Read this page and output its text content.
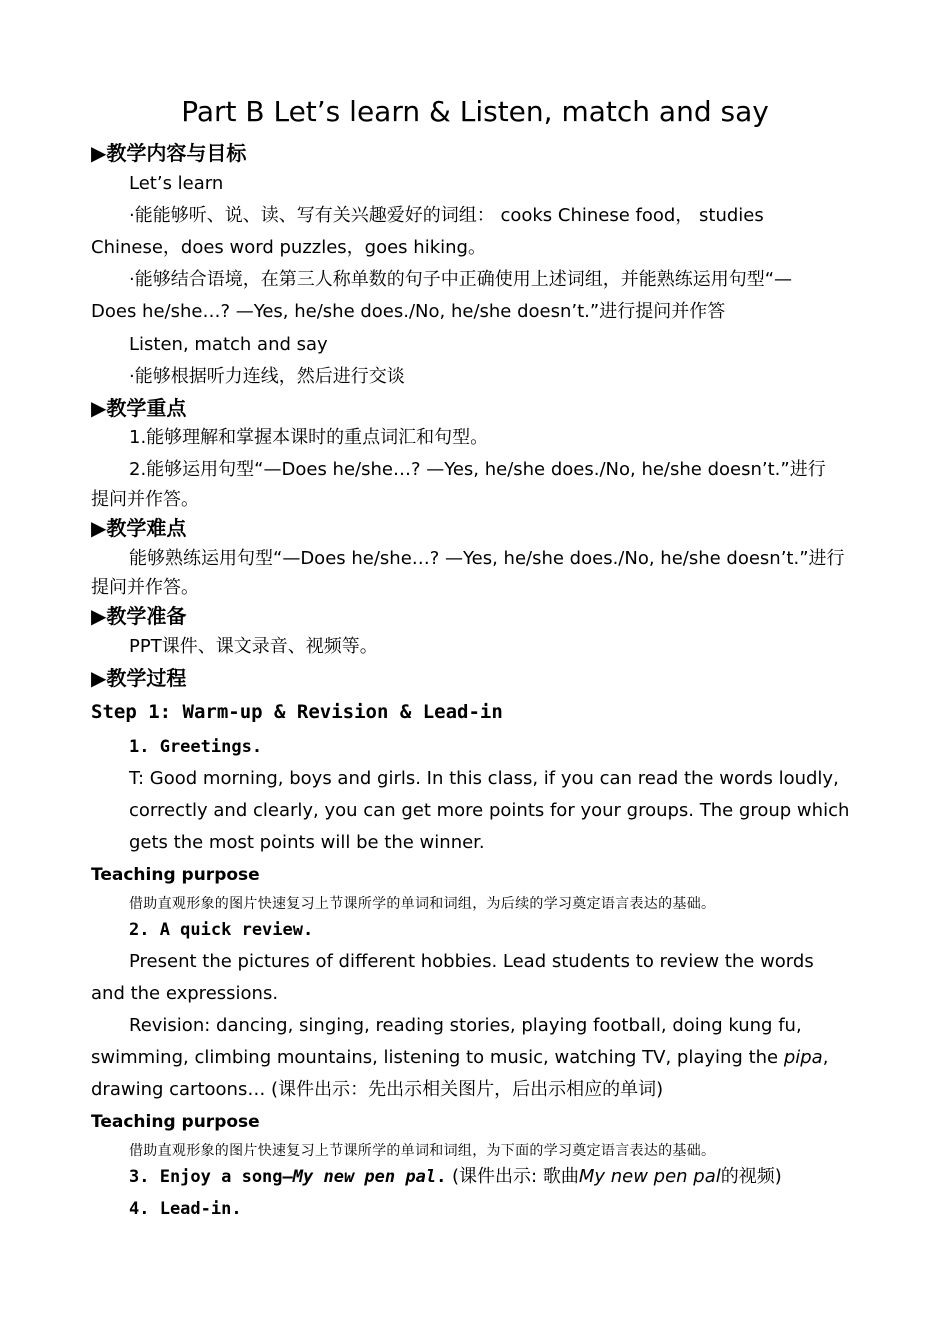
Part B Let’s learn & Listen, match and say
▶教学内容与目标
Let’s learn
·能能够听、说、读、写有关兴趣爱好的词组： cooks Chinese food， studies
Chinese，does word puzzles，goes hiking。
·能够结合语境，在第三人称单数的句子中正确使用上述词组，并能熟练运用句型“—
Does he/she…? —Yes, he/she does./No, he/she doesn’t.”进行提问并作答
Listen, match and say
·能够根据听力连线，然后进行交谈
▶教学重点
1.能够理解和掌握本课时的重点词汇和句型。
2.能够运用句型“—Does he/she…? —Yes, he/she does./No, he/she doesn’t.”进行
提问并作答。
▶教学难点
能够熟练运用句型“—Does he/she…? —Yes, he/she does./No, he/she doesn’t.”进行
提问并作答。
▶教学准备
PPT课件、课文录音、视频等。
▶教学过程
Step 1: Warm-up & Revision & Lead-in
1. Greetings.
T: Good morning, boys and girls. In this class, if you can read the words loudly,
correctly and clearly, you can get more points for your groups. The group which
gets the most points will be the winner.
Teaching purpose
借助直观形象的图片快速复习上节课所学的单词和词组，为后续的学习奠定语言表达的基础。
2. A quick review.
Present the pictures of different hobbies. Lead students to review the words
and the expressions.
Revision: dancing, singing, reading stories, playing football, doing kung fu,
swimming, climbing mountains, listening to music, watching TV, playing the pipa,
drawing cartoons… (课件出示：先出示相关图片，后出示相应的单词)
Teaching purpose
借助直观形象的图片快速复习上节课所学的单词和词组，为下面的学习奠定语言表达的基础。
3. Enjoy a song—My new pen pal. (课件出示: 歌曲My new pen pal的视频)
4. Lead-in.
